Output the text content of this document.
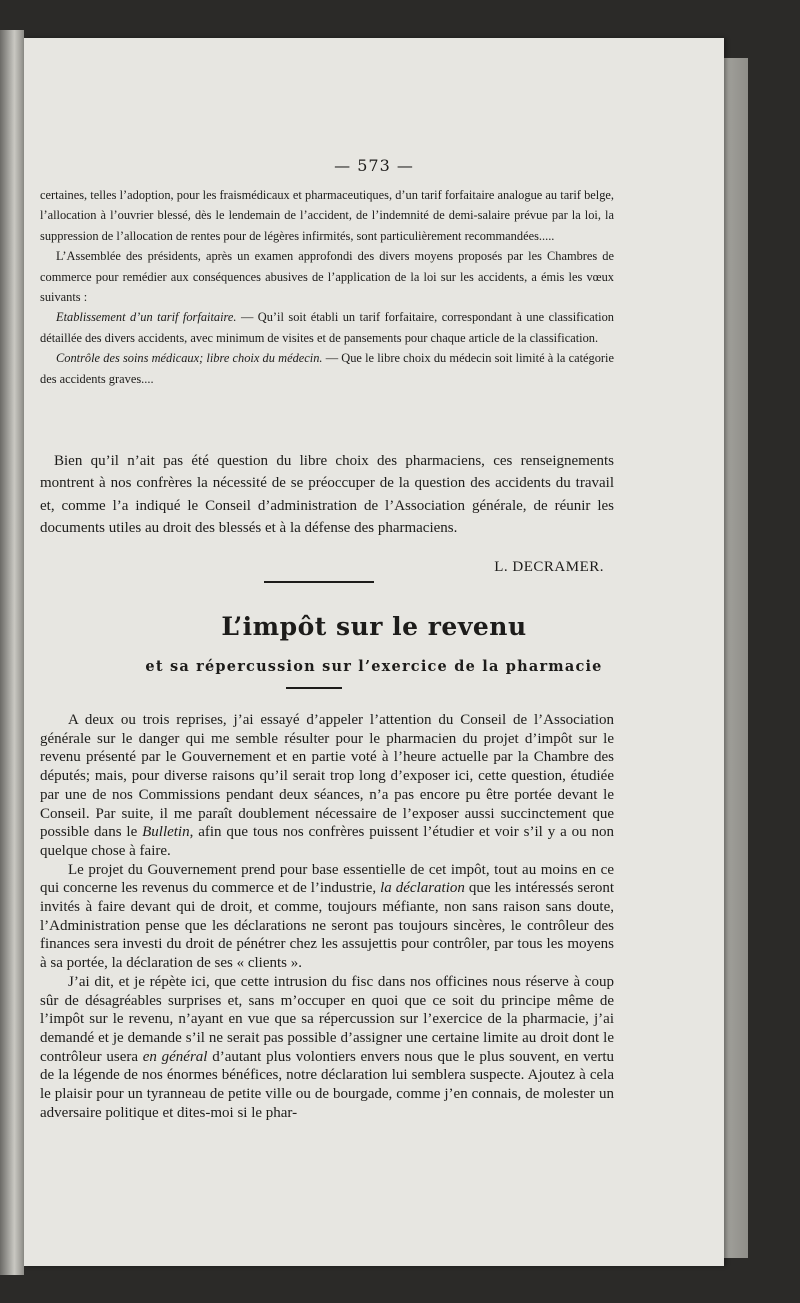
— 573 —

certaines, telles l’adoption, pour les fraismédicaux et pharmaceutiques, d’un tarif forfaitaire analogue au tarif belge, l’allocation à l’ouvrier blessé, dès le lendemain de l’accident, de l’indemnité de demi-salaire prévue par la loi, la suppression de l’allocation de rentes pour de légères infirmités, sont particulièrement recommandées.....

L’Assemblée des présidents, après un examen approfondi des divers moyens proposés par les Chambres de commerce pour remédier aux conséquences abusives de l’application de la loi sur les accidents, a émis les vœux suivants :

Etablissement d’un tarif forfaitaire. — Qu’il soit établi un tarif forfaitaire, correspondant à une classification détaillée des divers accidents, avec minimum de visites et de pansements pour chaque article de la classification.

Contrôle des soins médicaux; libre choix du médecin. — Que le libre choix du médecin soit limité à la catégorie des accidents graves....

Bien qu’il n’ait pas été question du libre choix des pharmaciens, ces renseignements montrent à nos confrères la nécessité de se préoccuper de la question des accidents du travail et, comme l’a indiqué le Conseil d’administration de l’Association générale, de réunir les documents utiles au droit des blessés et à la défense des pharmaciens.

L. DECRAMER.
L’impôt sur le revenu
et sa répercussion sur l’exercice de la pharmacie

A deux ou trois reprises, j’ai essayé d’appeler l’attention du Conseil de l’Association générale sur le danger qui me semble résulter pour le pharmacien du projet d’impôt sur le revenu présenté par le Gouvernement et en partie voté à l’heure actuelle par la Chambre des députés; mais, pour diverse raisons qu’il serait trop long d’exposer ici, cette question, étudiée par une de nos Commissions pendant deux séances, n’a pas encore pu être portée devant le Conseil. Par suite, il me paraît doublement nécessaire de l’exposer aussi succinctement que possible dans le Bulletin, afin que tous nos confrères puissent l’étudier et voir s’il y a ou non quelque chose à faire.

Le projet du Gouvernement prend pour base essentielle de cet impôt, tout au moins en ce qui concerne les revenus du commerce et de l’industrie, la déclaration que les intéressés seront invités à faire devant qui de droit, et comme, toujours méfiante, non sans raison sans doute, l’Administration pense que les déclarations ne seront pas toujours sincères, le contrôleur des finances sera investi du droit de pénétrer chez les assujettis pour contrôler, par tous les moyens à sa portée, la déclaration de ses « clients ».

J’ai dit, et je répète ici, que cette intrusion du fisc dans nos officines nous réserve à coup sûr de désagréables surprises et, sans m’occuper en quoi que ce soit du principe même de l’impôt sur le revenu, n’ayant en vue que sa répercussion sur l’exercice de la pharmacie, j’ai demandé et je demande s’il ne serait pas possible d’assigner une certaine limite au droit dont le contrôleur usera en général d’autant plus volontiers envers nous que le plus souvent, en vertu de la légende de nos énormes bénéfices, notre déclaration lui semblera suspecte. Ajoutez à cela le plaisir pour un tyranneau de petite ville ou de bourgade, comme j’en connais, de molester un adversaire politique et dites-moi si le phar-
